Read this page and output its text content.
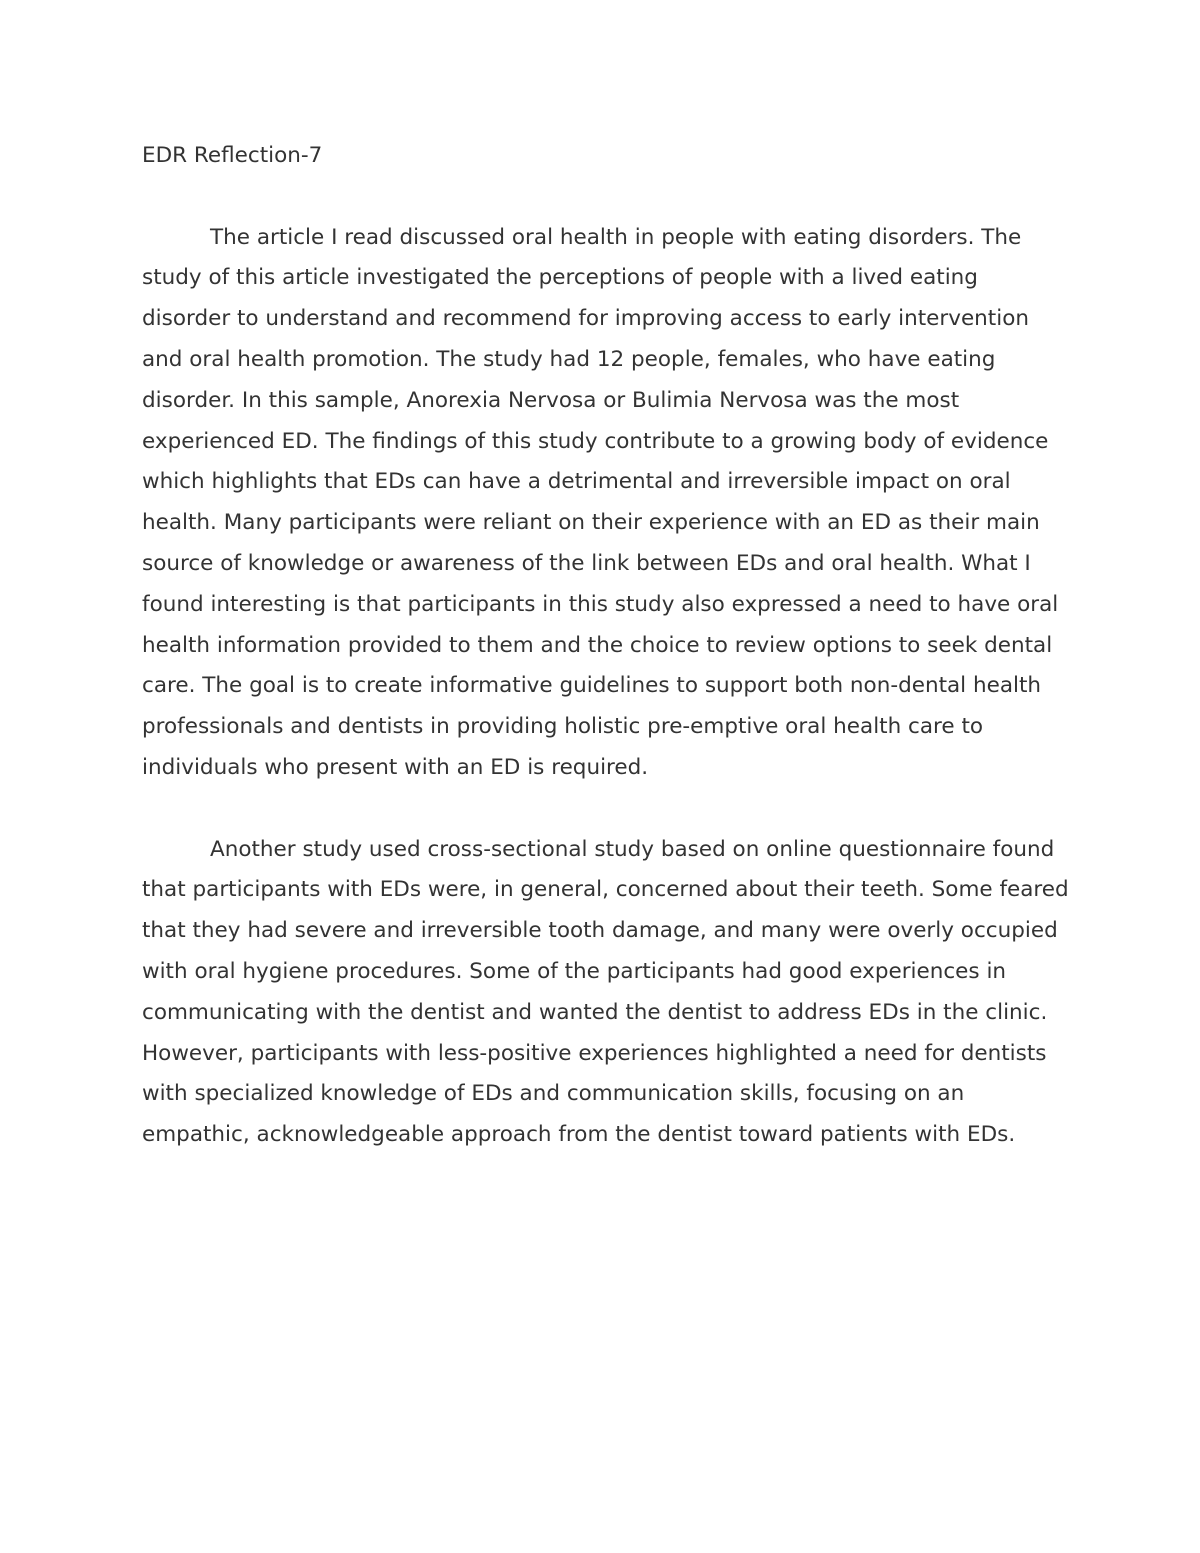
EDR Reflection-7

The article I read discussed oral health in people with eating disorders. The study of this article investigated the perceptions of people with a lived eating disorder to understand and recommend for improving access to early intervention and oral health promotion. The study had 12 people, females, who have eating disorder. In this sample, Anorexia Nervosa or Bulimia Nervosa was the most experienced ED. The findings of this study contribute to a growing body of evidence which highlights that EDs can have a detrimental and irreversible impact on oral health. Many participants were reliant on their experience with an ED as their main source of knowledge or awareness of the link between EDs and oral health. What I found interesting is that participants in this study also expressed a need to have oral health information provided to them and the choice to review options to seek dental care. The goal is to create informative guidelines to support both non-dental health professionals and dentists in providing holistic pre-emptive oral health care to individuals who present with an ED is required.

Another study used cross-sectional study based on online questionnaire found that participants with EDs were, in general, concerned about their teeth. Some feared that they had severe and irreversible tooth damage, and many were overly occupied with oral hygiene procedures. Some of the participants had good experiences in communicating with the dentist and wanted the dentist to address EDs in the clinic. However, participants with less-positive experiences highlighted a need for dentists with specialized knowledge of EDs and communication skills, focusing on an empathic, acknowledgeable approach from the dentist toward patients with EDs.
